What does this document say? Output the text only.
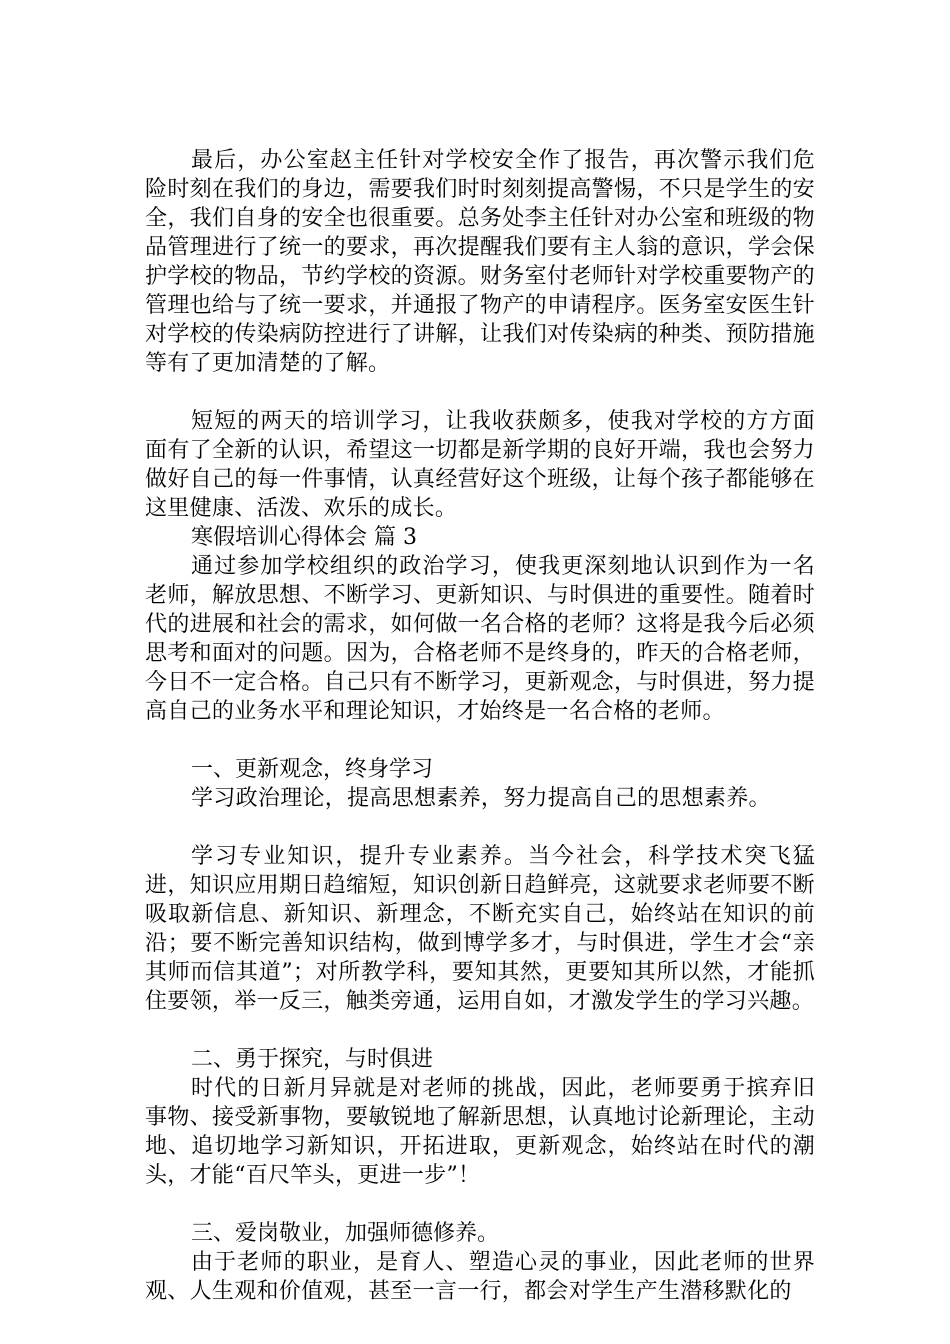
最后，办公室赵主任针对学校安全作了报告，再次警示我们危险时刻在我们的身边，需要我们时时刻刻提高警惕，不只是学生的安全，我们自身的安全也很重要。总务处李主任针对办公室和班级的物品管理进行了统一的要求，再次提醒我们要有主人翁的意识，学会保护学校的物品，节约学校的资源。财务室付老师针对学校重要物产的管理也给与了统一要求，并通报了物产的申请程序。医务室安医生针对学校的传染病防控进行了讲解，让我们对传染病的种类、预防措施等有了更加清楚的了解。

短短的两天的培训学习，让我收获颇多，使我对学校的方方面面有了全新的认识，希望这一切都是新学期的良好开端，我也会努力做好自己的每一件事情，认真经营好这个班级，让每个孩子都能够在这里健康、活泼、欢乐的成长。

寒假培训心得体会 篇 3

通过参加学校组织的政治学习，使我更深刻地认识到作为一名老师，解放思想、不断学习、更新知识、与时俱进的重要性。随着时代的进展和社会的需求，如何做一名合格的老师？这将是我今后必须思考和面对的问题。因为，合格老师不是终身的，昨天的合格老师，今日不一定合格。自己只有不断学习，更新观念，与时俱进，努力提高自己的业务水平和理论知识，才始终是一名合格的老师。

一、更新观念，终身学习

学习政治理论，提高思想素养，努力提高自己的思想素养。

学习专业知识，提升专业素养。当今社会，科学技术突飞猛进，知识应用期日趋缩短，知识创新日趋鲜亮，这就要求老师要不断吸取新信息、新知识、新理念，不断充实自己，始终站在知识的前沿；要不断完善知识结构，做到博学多才，与时俱进，学生才会“亲其师而信其道”；对所教学科，要知其然，更要知其所以然，才能抓住要领，举一反三，触类旁通，运用自如，才激发学生的学习兴趣。

二、勇于探究，与时俱进

时代的日新月异就是对老师的挑战，因此，老师要勇于摈弃旧事物、接受新事物，要敏锐地了解新思想，认真地讨论新理论，主动地、追切地学习新知识，开拓进取，更新观念，始终站在时代的潮头，才能“百尺竿头，更进一步”！

三、爱岗敬业，加强师德修养。

由于老师的职业，是育人、塑造心灵的事业，因此老师的世界观、人生观和价值观，甚至一言一行，都会对学生产生潜移默化的
